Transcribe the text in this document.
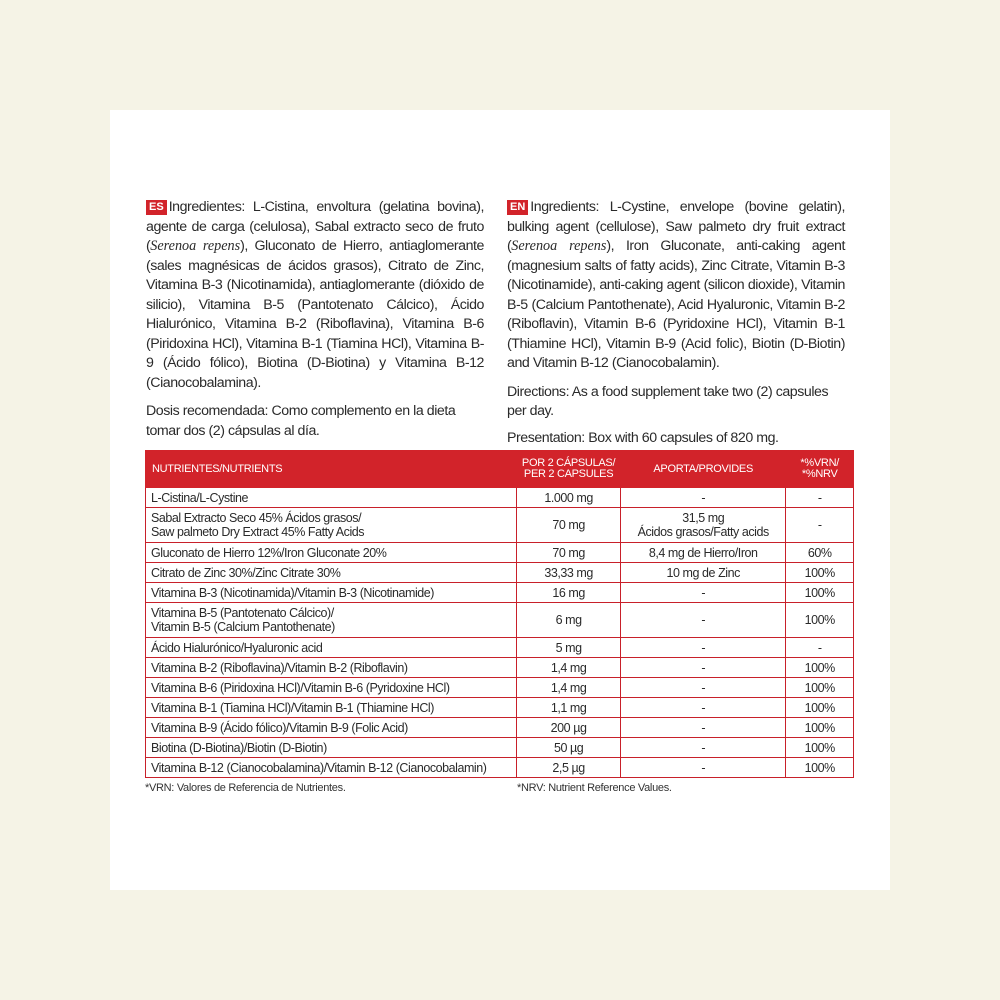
ES Ingredientes: L-Cistina, envoltura (gelatina bovina), agente de carga (celulosa), Sabal extracto seco de fruto (Serenoa repens), Gluconato de Hierro, antiaglomerante (sales magnésicas de ácidos grasos), Citrato de Zinc, Vitamina B-3 (Nicotinamida), antiaglomerante (dióxido de silicio), Vitamina B-5 (Pantotenato Cálcico), Ácido Hialurónico, Vitamina B-2 (Riboflavina), Vitamina B-6 (Piridoxina HCl), Vitamina B-1 (Tiamina HCl), Vitamina B-9 (Ácido fólico), Biotina (D-Biotina) y Vitamina B-12 (Cianocobalamina).

Dosis recomendada: Como complemento en la dieta tomar dos (2) cápsulas al día.

EN Ingredients: L-Cystine, envelope (bovine gelatin), bulking agent (cellulose), Saw palmeto dry fruit extract (Serenoa repens), Iron Gluconate, anti-caking agent (magnesium salts of fatty acids), Zinc Citrate, Vitamin B-3 (Nicotinamide), anti-caking agent (silicon dioxide), Vitamin B-5 (Calcium Pantothenate), Acid Hyaluronic, Vitamin B-2 (Riboflavin), Vitamin B-6 (Pyridoxine HCl), Vitamin B-1 (Thiamine HCl), Vitamin B-9 (Acid folic), Biotin (D-Biotin) and Vitamin B-12 (Cianocobalamin).

Directions: As a food supplement take two (2) capsules per day.

Presentation: Box with 60 capsules of 820 mg.

NUTRIENTES/NUTRIENTS	POR 2 CÁPSULAS/
PER 2 CAPSULES	APORTA/PROVIDES	*%VRN/
*%NRV
L-Cistina/L-Cystine	1.000 mg	-	-
Sabal Extracto Seco 45% Ácidos grasos/
Saw palmeto Dry Extract 45% Fatty Acids	70 mg	31,5 mg
Ácidos grasos/Fatty acids	-
Gluconato de Hierro 12%/Iron Gluconate 20%	70 mg	8,4 mg de Hierro/Iron	60%
Citrato de Zinc 30%/Zinc Citrate 30%	33,33 mg	10 mg de Zinc	100%
Vitamina B-3 (Nicotinamida)/Vitamin B-3 (Nicotinamide)	16 mg	-	100%
Vitamina B-5 (Pantotenato Cálcico)/
Vitamin B-5 (Calcium Pantothenate)	6 mg	-	100%
Ácido Hialurónico/Hyaluronic acid	5 mg	-	-
Vitamina B-2 (Riboflavina)/Vitamin B-2 (Riboflavin)	1,4 mg	-	100%
Vitamina B-6 (Piridoxina HCl)/Vitamin B-6 (Pyridoxine HCl)	1,4 mg	-	100%
Vitamina B-1 (Tiamina HCl)/Vitamin B-1 (Thiamine HCl)	1,1 mg	-	100%
Vitamina B-9 (Ácido fólico)/Vitamin B-9 (Folic Acid)	200 µg	-	100%
Biotina (D-Biotina)/Biotin (D-Biotin)	50 µg	-	100%
Vitamina B-12 (Cianocobalamina)/Vitamin B-12 (Cianocobalamin)	2,5 µg	-	100%
*VRN: Valores de Referencia de Nutrientes.	*NRV: Nutrient Reference Values.
